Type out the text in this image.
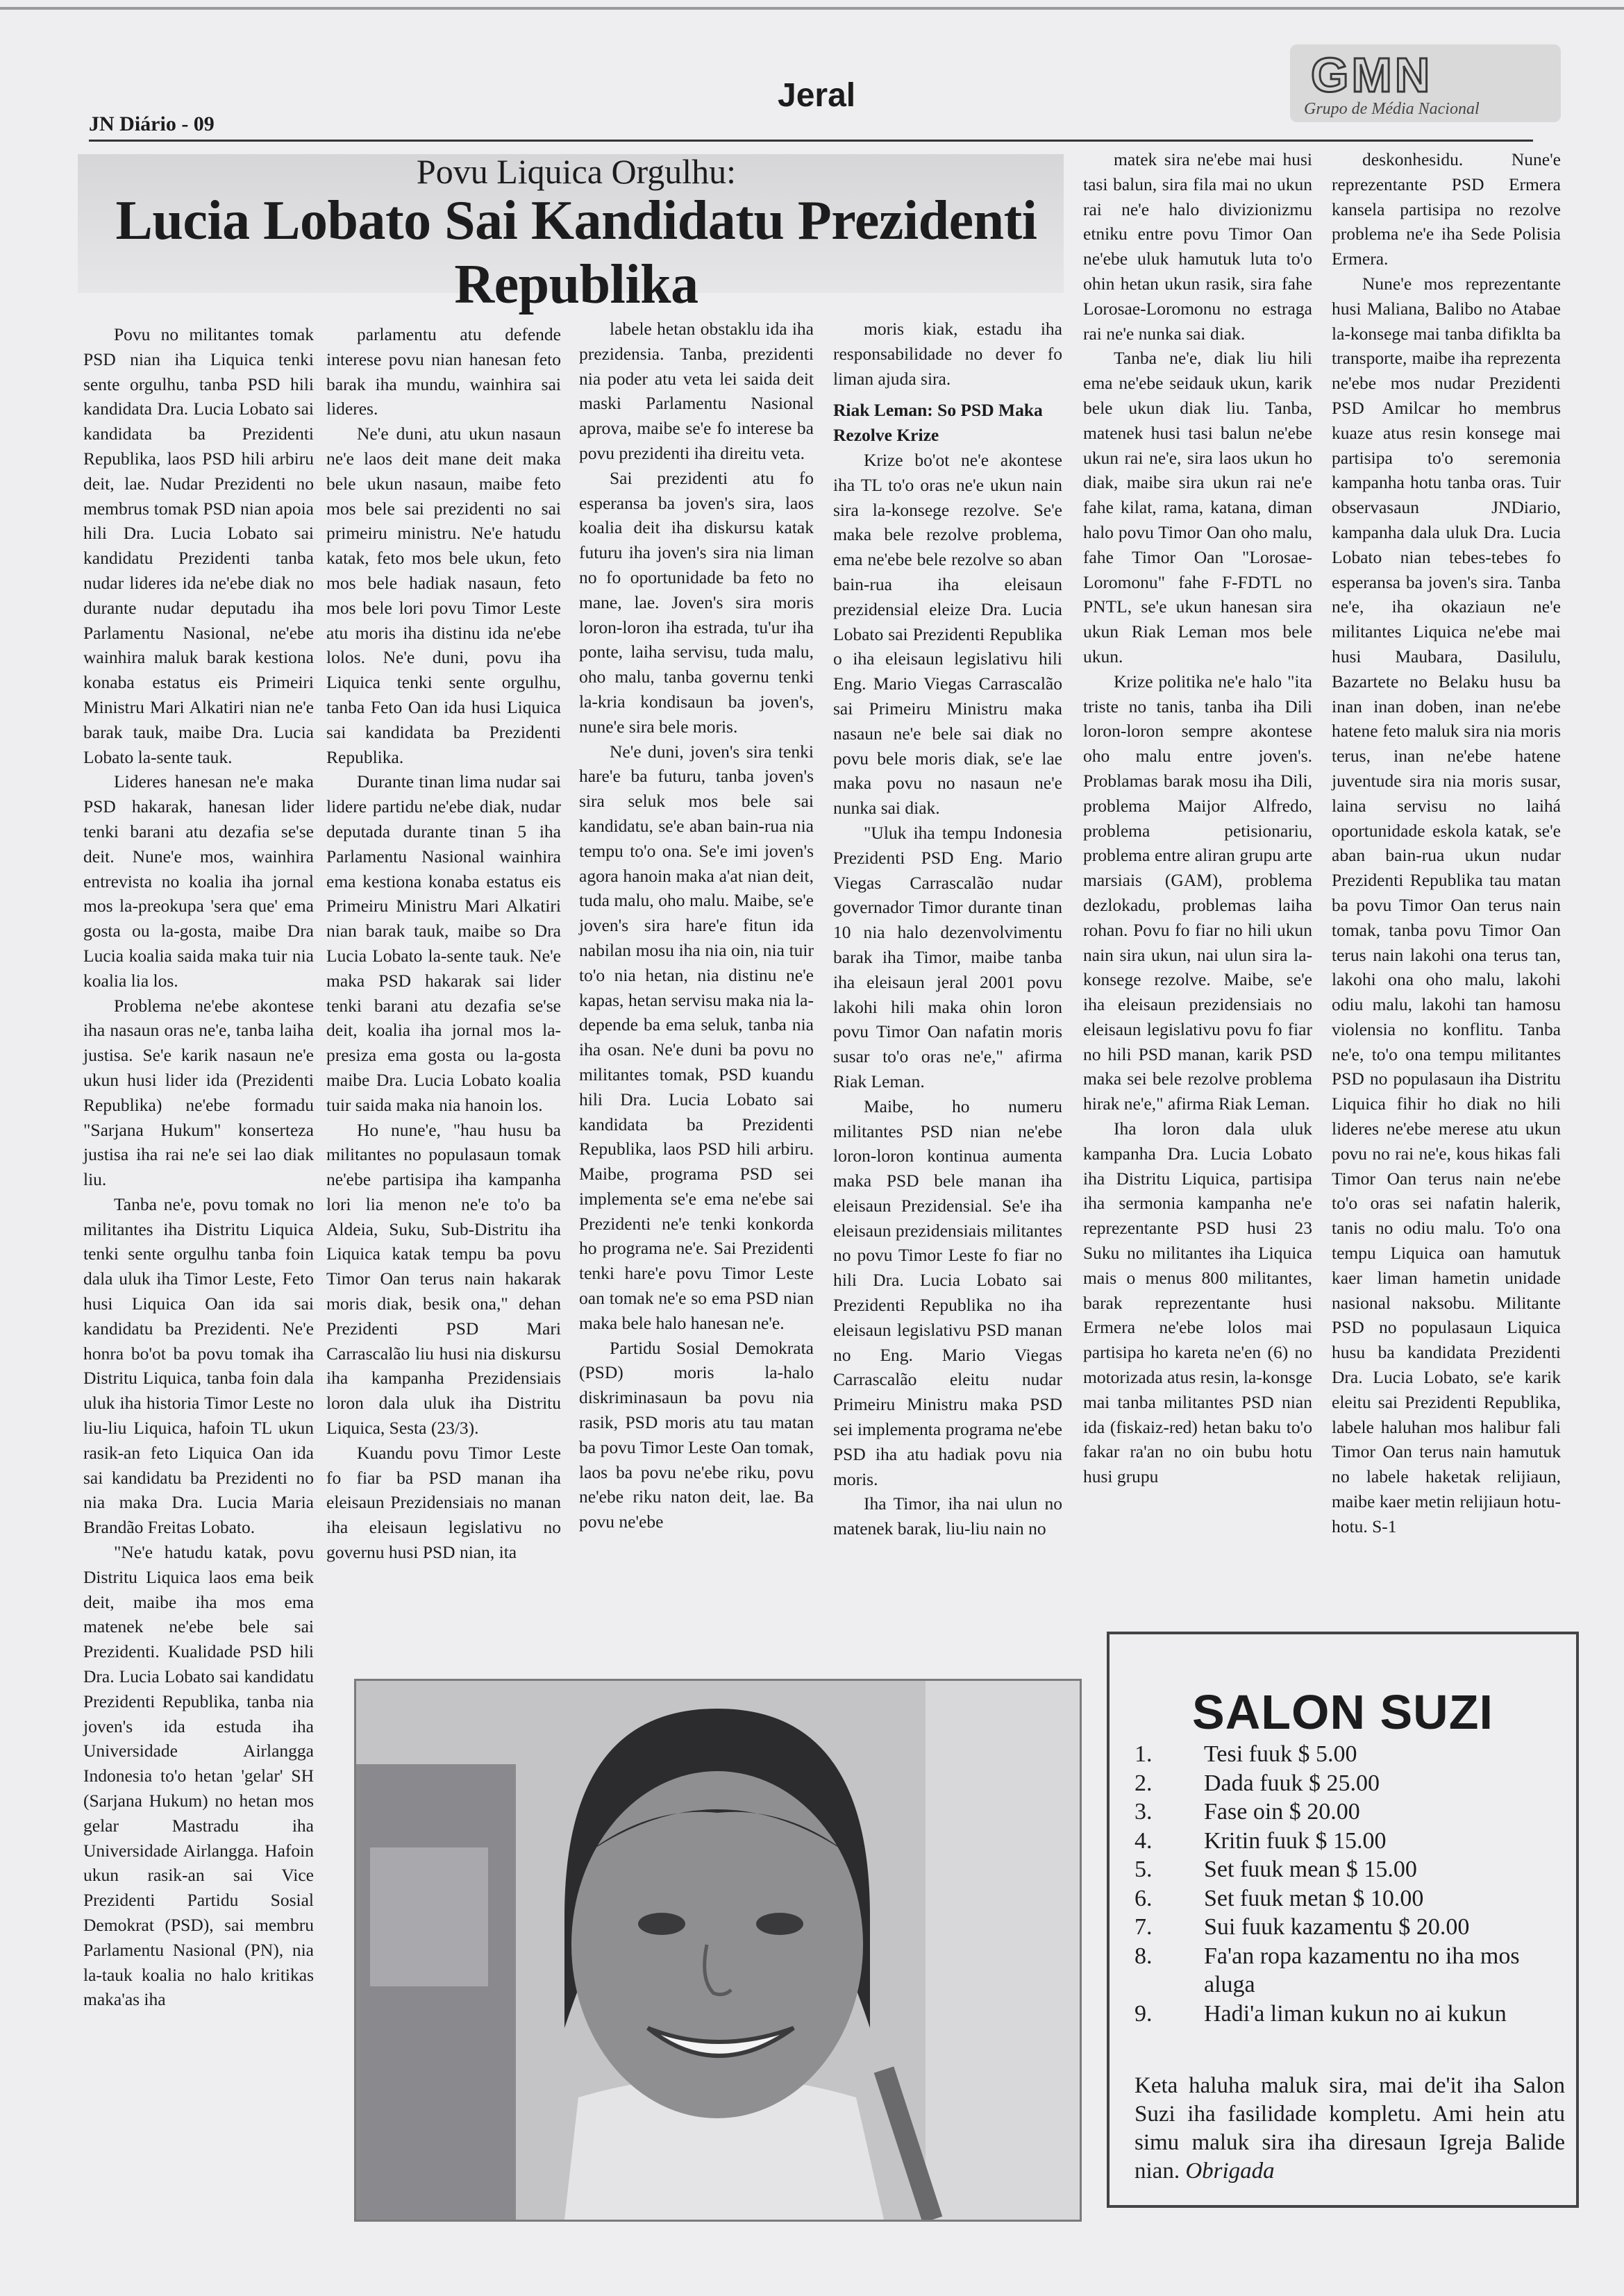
JN Diário - 09
Jeral	GMN
Grupo de Média Nacional
Povu Liquica Orgulhu:
Lucia Lobato Sai Kandidatu Prezidenti Republika

Povu no militantes tomak PSD nian iha Liquica tenki sente orgulhu, tanba PSD hili kandidata Dra. Lucia Lobato sai kandidata ba Prezidenti Republika, laos PSD hili arbiru deit, lae. Nudar Prezidenti no membrus tomak PSD nian apoia hili Dra. Lucia Lobato sai kandidatu Prezidenti tanba nudar lideres ida ne'ebe diak no durante nudar deputadu iha Parlamentu Nasional, ne'ebe wainhira maluk barak kestiona konaba estatus eis Primeiri Ministru Mari Alkatiri nian ne'e barak tauk, maibe Dra. Lucia Lobato la-sente tauk.

Lideres hanesan ne'e maka PSD hakarak, hanesan lider tenki barani atu dezafia se'se deit. Nune'e mos, wainhira entrevista no koalia iha jornal mos la-preokupa 'sera que' ema gosta ou la-gosta, maibe Dra Lucia koalia saida maka tuir nia koalia lia los.

Problema ne'ebe akontese iha nasaun oras ne'e, tanba laiha justisa. Se'e karik nasaun ne'e ukun husi lider ida (Prezidenti Republika) ne'ebe formadu "Sarjana Hukum" konserteza justisa iha rai ne'e sei lao diak liu.

Tanba ne'e, povu tomak no militantes iha Distritu Liquica tenki sente orgulhu tanba foin dala uluk iha Timor Leste, Feto husi Liquica Oan ida sai kandidatu ba Prezidenti. Ne'e honra bo'ot ba povu tomak iha Distritu Liquica, tanba foin dala uluk iha historia Timor Leste no liu-liu Liquica, hafoin TL ukun rasik-an feto Liquica Oan ida sai kandidatu ba Prezidenti no nia maka Dra. Lucia Maria Brandão Freitas Lobato.

"Ne'e hatudu katak, povu Distritu Liquica laos ema beik deit, maibe iha mos ema matenek ne'ebe bele sai Prezidenti. Kualidade PSD hili Dra. Lucia Lobato sai kandidatu Prezidenti Republika, tanba nia joven's ida estuda iha Universidade Airlangga Indonesia to'o hetan 'gelar' SH (Sarjana Hukum) no hetan mos gelar Mastradu iha Universidade Airlangga. Hafoin ukun rasik-an sai Vice Prezidenti Partidu Sosial Demokrat (PSD), sai membru Parlamentu Nasional (PN), nia la-tauk koalia no halo kritikas maka'as iha

parlamentu atu defende interese povu nian hanesan feto barak iha mundu, wainhira sai lideres.

Ne'e duni, atu ukun nasaun ne'e laos deit mane deit maka bele ukun nasaun, maibe feto mos bele sai prezidenti no sai primeiru ministru. Ne'e hatudu katak, feto mos bele ukun, feto mos bele hadiak nasaun, feto mos bele lori povu Timor Leste atu moris iha distinu ida ne'ebe lolos. Ne'e duni, povu iha Liquica tenki sente orgulhu, tanba Feto Oan ida husi Liquica sai kandidata ba Prezidenti Republika.

Durante tinan lima nudar sai lidere partidu ne'ebe diak, nudar deputada durante tinan 5 iha Parlamentu Nasional wainhira ema kestiona konaba estatus eis Primeiru Ministru Mari Alkatiri nian barak tauk, maibe so Dra Lucia Lobato la-sente tauk. Ne'e maka PSD hakarak sai lider tenki barani atu dezafia se'se deit, koalia iha jornal mos la-presiza ema gosta ou la-gosta maibe Dra. Lucia Lobato koalia tuir saida maka nia hanoin los.

Ho nune'e, "hau husu ba militantes no populasaun tomak ne'ebe partisipa iha kampanha lori lia menon ne'e to'o ba Aldeia, Suku, Sub-Distritu iha Liquica katak tempu ba povu Timor Oan terus nain hakarak moris diak, besik ona," dehan Prezidenti PSD Mari Carrascalão liu husi nia diskursu iha kampanha Prezidensiais loron dala uluk iha Distritu Liquica, Sesta (23/3).

Kuandu povu Timor Leste fo fiar ba PSD manan iha eleisaun Prezidensiais no manan iha eleisaun legislativu no governu husi PSD nian, ita

labele hetan obstaklu ida iha prezidensia. Tanba, prezidenti nia poder atu veta lei saida deit maski Parlamentu Nasional aprova, maibe se'e fo interese ba povu prezidenti iha direitu veta.

Sai prezidenti atu fo esperansa ba joven's sira, laos koalia deit iha diskursu katak futuru iha joven's sira nia liman no fo oportunidade ba feto no mane, lae. Joven's sira moris loron-loron iha estrada, tu'ur iha ponte, laiha servisu, tuda malu, oho malu, tanba governu tenki la-kria kondisaun ba joven's, nune'e sira bele moris.

Ne'e duni, joven's sira tenki hare'e ba futuru, tanba joven's sira seluk mos bele sai kandidatu, se'e aban bain-rua nia tempu to'o ona. Se'e imi joven's agora hanoin maka a'at nian deit, tuda malu, oho malu. Maibe, se'e joven's sira hare'e fitun ida nabilan mosu iha nia oin, nia tuir to'o nia hetan, nia distinu ne'e kapas, hetan servisu maka nia la-depende ba ema seluk, tanba nia iha osan. Ne'e duni ba povu no militantes tomak, PSD kuandu hili Dra. Lucia Lobato sai kandidata ba Prezidenti Republika, laos PSD hili arbiru. Maibe, programa PSD sei implementa se'e ema ne'ebe sai Prezidenti ne'e tenki konkorda ho programa ne'e. Sai Prezidenti tenki hare'e povu Timor Leste oan tomak ne'e so ema PSD nian maka bele halo hanesan ne'e.

Partidu Sosial Demokrata (PSD) moris la-halo diskriminasaun ba povu nia rasik, PSD moris atu tau matan ba povu Timor Leste Oan tomak, laos ba povu ne'ebe riku, povu ne'ebe riku naton deit, lae. Ba povu ne'ebe

moris kiak, estadu iha responsabilidade no dever fo liman ajuda sira.

Riak Leman: So PSD Maka Rezolve Krize

Krize bo'ot ne'e akontese iha TL to'o oras ne'e ukun nain sira la-konsege rezolve. Se'e maka bele rezolve problema, ema ne'ebe bele rezolve so aban bain-rua iha eleisaun prezidensial eleize Dra. Lucia Lobato sai Prezidenti Republika o iha eleisaun legislativu hili Eng. Mario Viegas Carrascalão sai Primeiru Ministru maka nasaun ne'e bele sai diak no povu bele moris diak, se'e lae maka povu no nasaun ne'e nunka sai diak.

"Uluk iha tempu Indonesia Prezidenti PSD Eng. Mario Viegas Carrascalão nudar governador Timor durante tinan 10 nia halo dezenvolvimentu barak iha Timor, maibe tanba iha eleisaun jeral 2001 povu lakohi hili maka ohin loron povu Timor Oan nafatin moris susar to'o oras ne'e," afirma Riak Leman.

Maibe, ho numeru militantes PSD nian ne'ebe loron-loron kontinua aumenta maka PSD bele manan iha eleisaun Prezidensial. Se'e iha eleisaun prezidensiais militantes no povu Timor Leste fo fiar no hili Dra. Lucia Lobato sai Prezidenti Republika no iha eleisaun legislativu PSD manan no Eng. Mario Viegas Carrascalão eleitu nudar Primeiru Ministru maka PSD sei implementa programa ne'ebe PSD iha atu hadiak povu nia moris.

Iha Timor, iha nai ulun no matenek barak, liu-liu nain no

matek sira ne'ebe mai husi tasi balun, sira fila mai no ukun rai ne'e halo divizionizmu etniku entre povu Timor Oan ne'ebe uluk hamutuk luta to'o ohin hetan ukun rasik, sira fahe Lorosae-Loromonu no estraga rai ne'e nunka sai diak.

Tanba ne'e, diak liu hili ema ne'ebe seidauk ukun, karik bele ukun diak liu. Tanba, matenek husi tasi balun ne'ebe ukun rai ne'e, sira laos ukun ho diak, maibe sira ukun rai ne'e fahe kilat, rama, katana, diman halo povu Timor Oan oho malu, fahe Timor Oan "Lorosae-Loromonu" fahe F-FDTL no PNTL, se'e ukun hanesan sira ukun Riak Leman mos bele ukun.

Krize politika ne'e halo "ita triste no tanis, tanba iha Dili loron-loron sempre akontese oho malu entre joven's. Problamas barak mosu iha Dili, problema Maijor Alfredo, problema petisionariu, problema entre aliran grupu arte marsiais (GAM), problema dezlokadu, problemas laiha rohan. Povu fo fiar no hili ukun nain sira ukun, nai ulun sira la-konsege rezolve. Maibe, se'e iha eleisaun prezidensiais no eleisaun legislativu povu fo fiar no hili PSD manan, karik PSD maka sei bele rezolve problema hirak ne'e," afirma Riak Leman.

Iha loron dala uluk kampanha Dra. Lucia Lobato iha Distritu Liquica, partisipa iha sermonia kampanha ne'e reprezentante PSD husi 23 Suku no militantes iha Liquica mais o menus 800 militantes, barak reprezentante husi Ermera ne'ebe lolos mai partisipa ho kareta ne'en (6) no motorizada atus resin, la-konsge mai tanba militantes PSD nian ida (fiskaiz-red) hetan baku to'o fakar ra'an no oin bubu hotu husi grupu

deskonhesidu. Nune'e reprezentante PSD Ermera kansela partisipa no rezolve problema ne'e iha Sede Polisia Ermera.

Nune'e mos reprezentante husi Maliana, Balibo no Atabae la-konsege mai tanba difiklta ba transporte, maibe iha reprezenta ne'ebe mos nudar Prezidenti PSD Amilcar ho membrus kuaze atus resin konsege mai partisipa to'o seremonia kampanha hotu tanba oras. Tuir observasaun JNDiario, kampanha dala uluk Dra. Lucia Lobato nian tebes-tebes fo esperansa ba joven's sira. Tanba ne'e, iha okaziaun ne'e militantes Liquica ne'ebe mai husi Maubara, Dasilulu, Bazartete no Belaku husu ba inan inan doben, inan ne'ebe hatene feto maluk sira nia moris terus, inan ne'ebe hatene juventude sira nia moris susar, laina servisu no laihá oportunidade eskola katak, se'e aban bain-rua ukun nudar Prezidenti Republika tau matan ba povu Timor Oan terus nain tomak, tanba povu Timor Oan terus nain lakohi ona terus tan, lakohi ona oho malu, lakohi odiu malu, lakohi tan hamosu violensia no konflitu. Tanba ne'e, to'o ona tempu militantes PSD no populasaun iha Distritu Liquica fihir ho diak no hili lideres ne'ebe merese atu ukun povu no rai ne'e, kous hikas fali Timor Oan terus nain ne'ebe to'o oras sei nafatin halerik, tanis no odiu malu. To'o ona tempu Liquica oan hamutuk kaer liman hametin unidade nasional naksobu. Militante PSD no populasaun Liquica husu ba kandidata Prezidenti Dra. Lucia Lobato, se'e karik eleitu sai Prezidenti Republika, labele haluhan mos halibur fali Timor Oan terus nain hamutuk no labele haketak relijiaun, maibe kaer metin relijiaun hotu-hotu. S-1

SALON SUZI
1.	Tesi fuuk $ 5.00
2.	Dada fuuk $ 25.00
3.	Fase oin $ 20.00
4.	Kritin fuuk $ 15.00
5.	Set fuuk mean $ 15.00
6.	Set fuuk metan $ 10.00
7.	Sui fuuk kazamentu $ 20.00
8.	Fa'an ropa kazamentu no iha mos aluga
9.	Hadi'a liman kukun no ai kukun
Keta haluha maluk sira, mai de'it iha Salon Suzi iha fasilidade kompletu. Ami hein atu simu maluk sira iha diresaun Igreja Balide nian. Obrigada
